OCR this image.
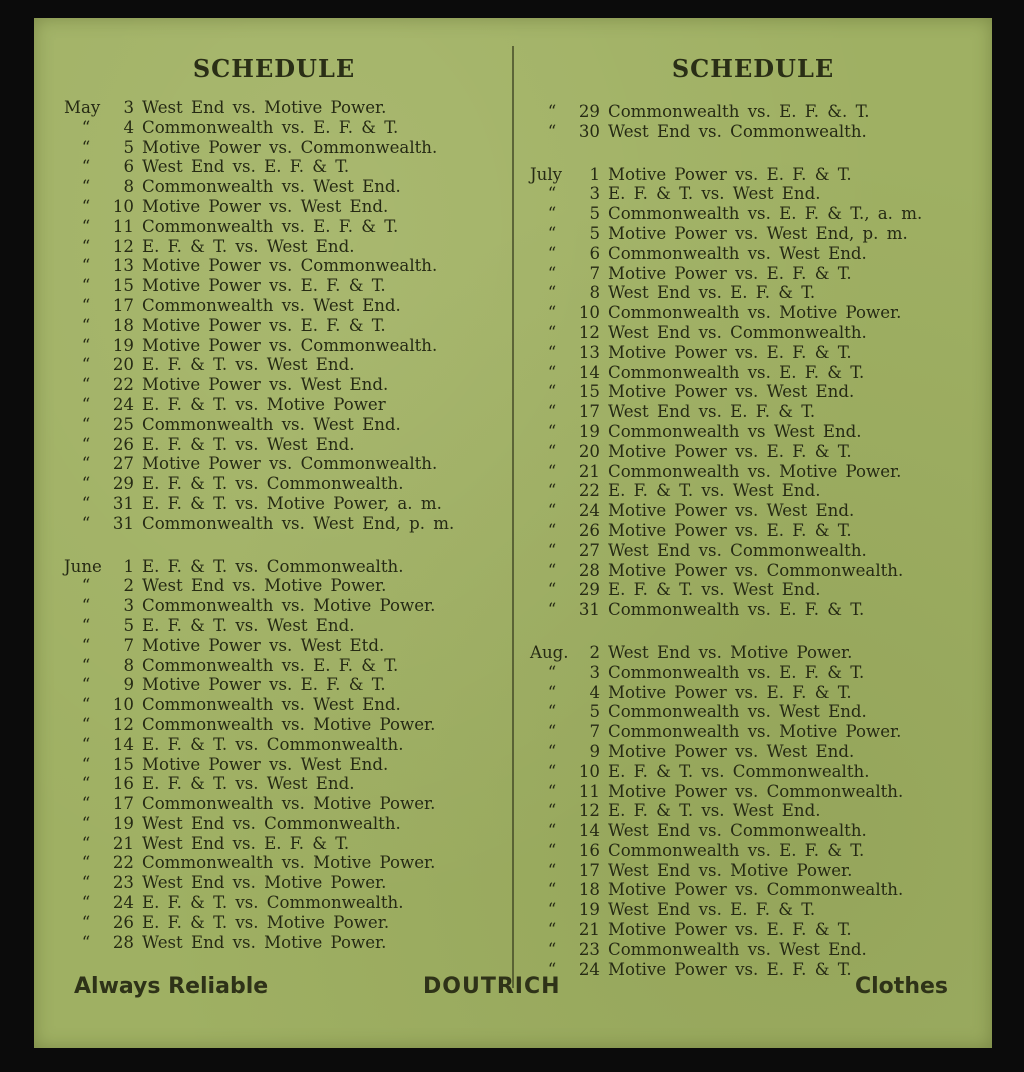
SCHEDULE
May 3 West End vs. Motive Power.
“ 4 Commonwealth vs. E. F. & T.
“ 5 Motive Power vs. Commonwealth.
“ 6 West End vs. E. F. & T.
“ 8 Commonwealth vs. West End.
“ 10 Motive Power vs. West End.
“ 11 Commonwealth vs. E. F. & T.
“ 12 E. F. & T. vs. West End.
“ 13 Motive Power vs. Commonwealth.
“ 15 Motive Power vs. E. F. & T.
“ 17 Commonwealth vs. West End.
“ 18 Motive Power vs. E. F. & T.
“ 19 Motive Power vs. Commonwealth.
“ 20 E. F. & T. vs. West End.
“ 22 Motive Power vs. West End.
“ 24 E. F. & T. vs. Motive Power
“ 25 Commonwealth vs. West End.
“ 26 E. F. & T. vs. West End.
“ 27 Motive Power vs. Commonwealth.
“ 29 E. F. & T. vs. Commonwealth.
“ 31 E. F. & T. vs. Motive Power, a. m.
“ 31 Commonwealth vs. West End, p. m.
June 1 E. F. & T. vs. Commonwealth.
“ 2 West End vs. Motive Power.
“ 3 Commonwealth vs. Motive Power.
“ 5 E. F. & T. vs. West End.
“ 7 Motive Power vs. West Etd.
“ 8 Commonwealth vs. E. F. & T.
“ 9 Motive Power vs. E. F. & T.
“ 10 Commonwealth vs. West End.
“ 12 Commonwealth vs. Motive Power.
“ 14 E. F. & T. vs. Commonwealth.
“ 15 Motive Power vs. West End.
“ 16 E. F. & T. vs. West End.
“ 17 Commonwealth vs. Motive Power.
“ 19 West End vs. Commonwealth.
“ 21 West End vs. E. F. & T.
“ 22 Commonwealth vs. Motive Power.
“ 23 West End vs. Motive Power.
“ 24 E. F. & T. vs. Commonwealth.
“ 26 E. F. & T. vs. Motive Power.
“ 28 West End vs. Motive Power.
SCHEDULE
“ 29 Commonwealth vs. E. F. &. T.
“ 30 West End vs. Commonwealth.
July 1 Motive Power vs. E. F. & T.
“ 3 E. F. & T. vs. West End.
“ 5 Commonwealth vs. E. F. & T., a. m.
“ 5 Motive Power vs. West End, p. m.
“ 6 Commonwealth vs. West End.
“ 7 Motive Power vs. E. F. & T.
“ 8 West End vs. E. F. & T.
“ 10 Commonwealth vs. Motive Power.
“ 12 West End vs. Commonwealth.
“ 13 Motive Power vs. E. F. & T.
“ 14 Commonwealth vs. E. F. & T.
“ 15 Motive Power vs. West End.
“ 17 West End vs. E. F. & T.
“ 19 Commonwealth vs West End.
“ 20 Motive Power vs. E. F. & T.
“ 21 Commonwealth vs. Motive Power.
“ 22 E. F. & T. vs. West End.
“ 24 Motive Power vs. West End.
“ 26 Motive Power vs. E. F. & T.
“ 27 West End vs. Commonwealth.
“ 28 Motive Power vs. Commonwealth.
“ 29 E. F. & T. vs. West End.
“ 31 Commonwealth vs. E. F. & T.
Aug. 2 West End vs. Motive Power.
“ 3 Commonwealth vs. E. F. & T.
“ 4 Motive Power vs. E. F. & T.
“ 5 Commonwealth vs. West End.
“ 7 Commonwealth vs. Motive Power.
“ 9 Motive Power vs. West End.
“ 10 E. F. & T. vs. Commonwealth.
“ 11 Motive Power vs. Commonwealth.
“ 12 E. F. & T. vs. West End.
“ 14 West End vs. Commonwealth.
“ 16 Commonwealth vs. E. F. & T.
“ 17 West End vs. Motive Power.
“ 18 Motive Power vs. Commonwealth.
“ 19 West End vs. E. F. & T.
“ 21 Motive Power vs. E. F. & T.
“ 23 Commonwealth vs. West End.
“ 24 Motive Power vs. E. F. & T.
Always Reliable	DOUTRICH	Clothes
